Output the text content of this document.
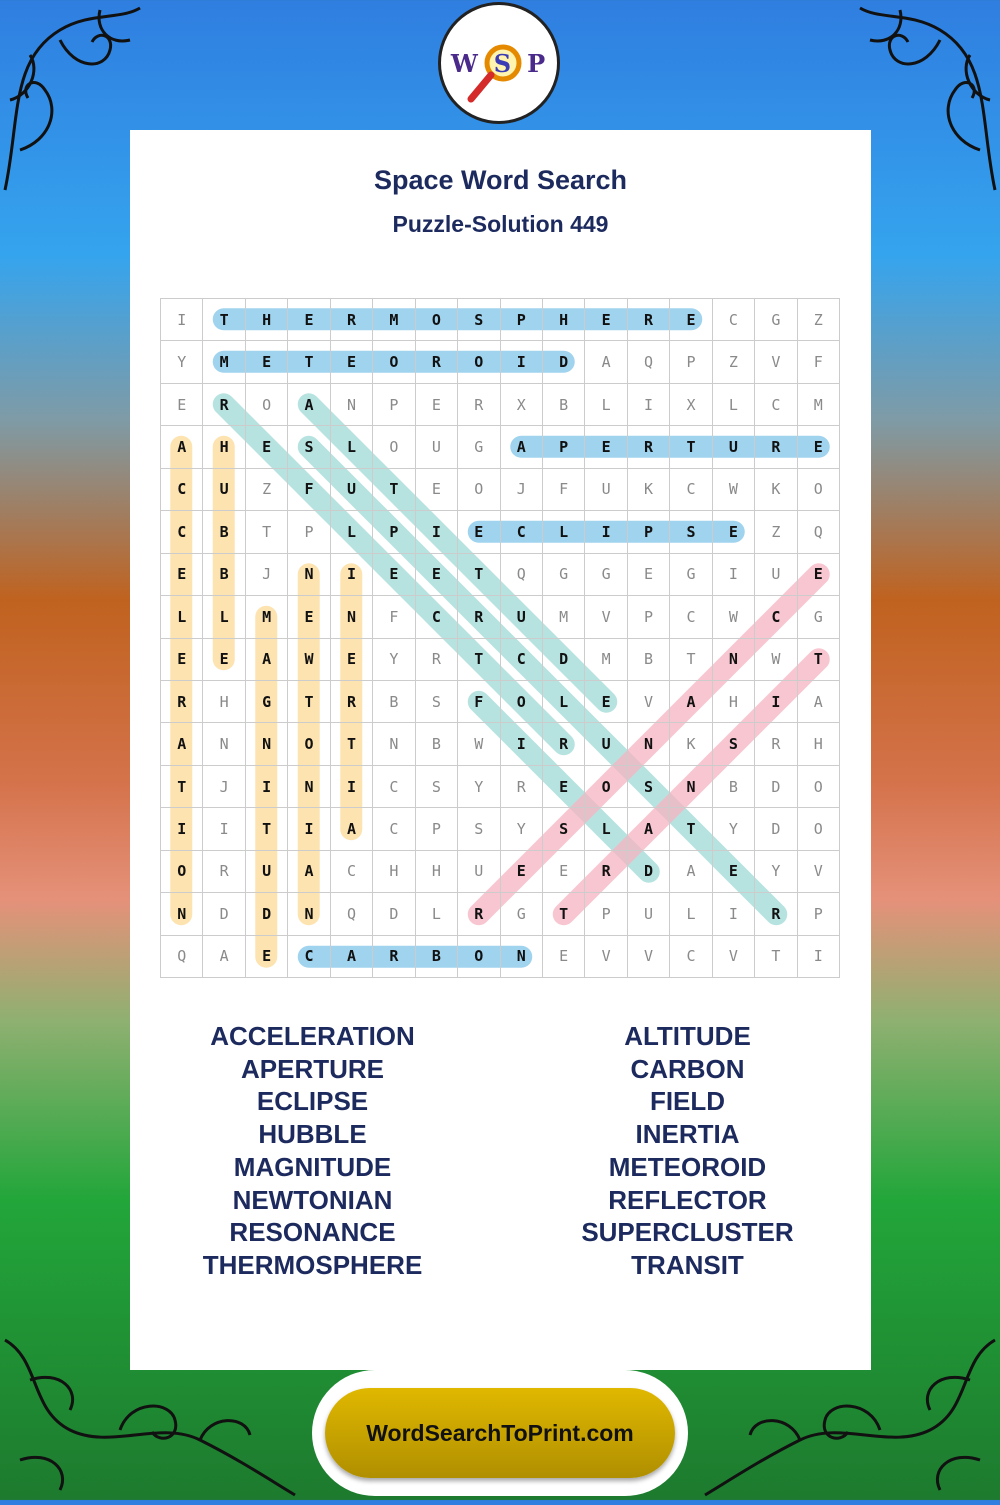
W S P
Space Word Search
Puzzle-Solution 449
I	T	H	E	R	M	O	S	P	H	E	R	E	C	G	Z
Y	M	E	T	E	O	R	O	I	D	A	Q	P	Z	V	F
E	R	O	A	N	P	E	R	X	B	L	I	X	L	C	M
A	H	E	S	L	O	U	G	A	P	E	R	T	U	R	E
C	U	Z	F	U	T	E	O	J	F	U	K	C	W	K	O
C	B	T	P	L	P	I	E	C	L	I	P	S	E	Z	Q
E	B	J	N	I	E	E	T	Q	G	G	E	G	I	U	E
L	L	M	E	N	F	C	R	U	M	V	P	C	W	C	G
E	E	A	W	E	Y	R	T	C	D	M	B	T	N	W	T
R	H	G	T	R	B	S	F	O	L	E	V	A	H	I	A
A	N	N	O	T	N	B	W	I	R	U	N	K	S	R	H
T	J	I	N	I	C	S	Y	R	E	O	S	N	B	D	O
I	I	T	I	A	C	P	S	Y	S	L	A	T	Y	D	O
O	R	U	A	C	H	H	U	E	E	R	D	A	E	Y	V
N	D	D	N	Q	D	L	R	G	T	P	U	L	I	R	P
Q	A	E	C	A	R	B	O	N	E	V	V	C	V	T	I
ACCELERATION
APERTURE
ECLIPSE
HUBBLE
MAGNITUDE
NEWTONIAN
RESONANCE
THERMOSPHERE
ALTITUDE
CARBON
FIELD
INERTIA
METEOROID
REFLECTOR
SUPERCLUSTER
TRANSIT
WordSearchToPrint.com
